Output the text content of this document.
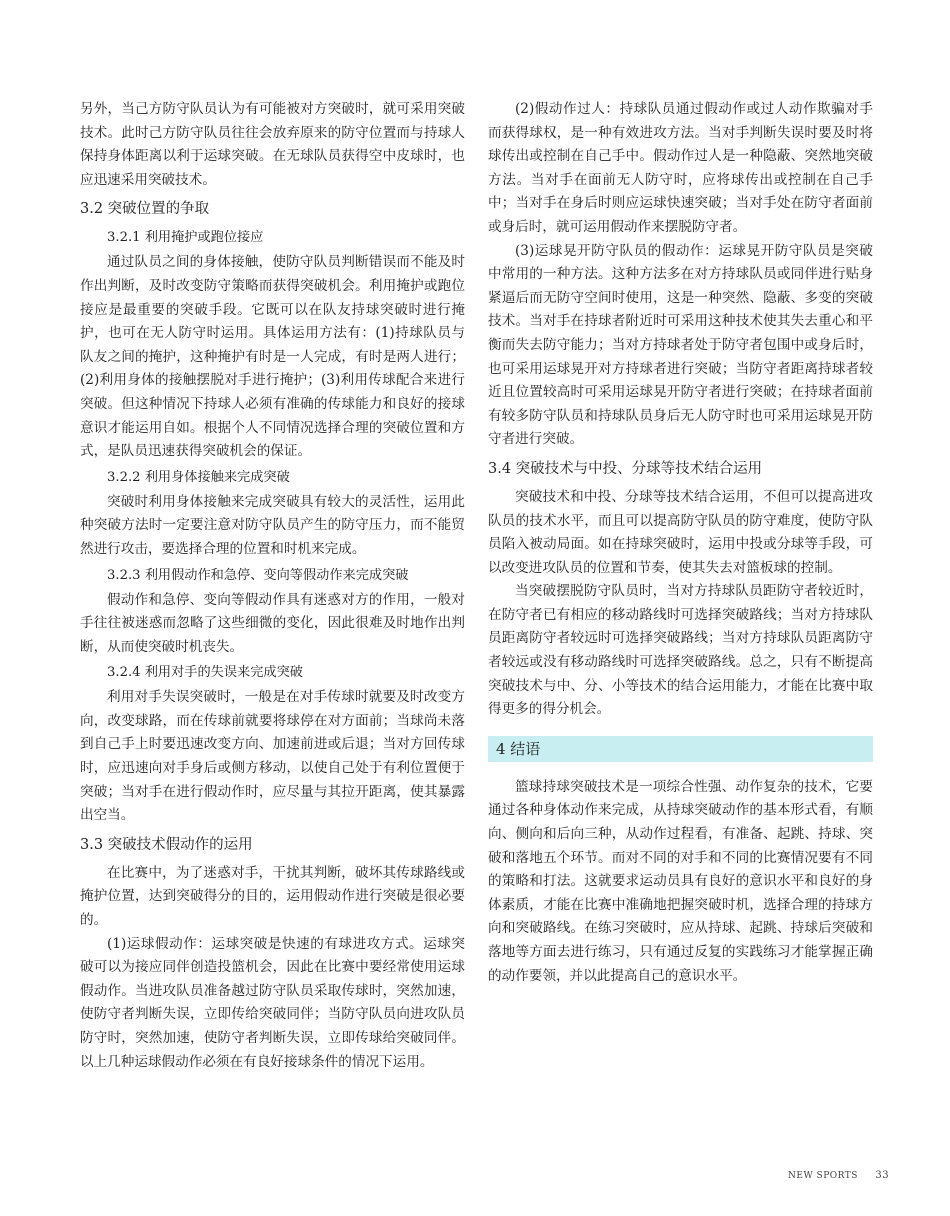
另外，当己方防守队员认为有可能被对方突破时，就可采用突破技术。此时己方防守队员往往会放弃原来的防守位置而与持球人保持身体距离以利于运球突破。在无球队员获得空中皮球时，也应迅速采用突破技术。

3.2 突破位置的争取
3.2.1 利用掩护或跑位接应

通过队员之间的身体接触，使防守队员判断错误而不能及时作出判断，及时改变防守策略而获得突破机会。利用掩护或跑位接应是最重要的突破手段。它既可以在队友持球突破时进行掩护，也可在无人防守时运用。具体运用方法有：(1)持球队员与队友之间的掩护，这种掩护有时是一人完成，有时是两人进行；(2)利用身体的接触摆脱对手进行掩护；(3)利用传球配合来进行突破。但这种情况下持球人必须有准确的传球能力和良好的接球意识才能运用自如。根据个人不同情况选择合理的突破位置和方式，是队员迅速获得突破机会的保证。

3.2.2 利用身体接触来完成突破

突破时利用身体接触来完成突破具有较大的灵活性，运用此种突破方法时一定要注意对防守队员产生的防守压力，而不能贸然进行攻击，要选择合理的位置和时机来完成。

3.2.3 利用假动作和急停、变向等假动作来完成突破

假动作和急停、变向等假动作具有迷惑对方的作用，一般对手往往被迷惑而忽略了这些细微的变化，因此很难及时地作出判断，从而使突破时机丧失。

3.2.4 利用对手的失误来完成突破

利用对手失误突破时，一般是在对手传球时就要及时改变方向，改变球路，而在传球前就要将球停在对方面前；当球尚未落到自己手上时要迅速改变方向、加速前进或后退；当对方回传球时，应迅速向对手身后或侧方移动，以使自己处于有利位置便于突破；当对手在进行假动作时，应尽量与其拉开距离，使其暴露出空当。

3.3 突破技术假动作的运用

在比赛中，为了迷惑对手，干扰其判断，破坏其传球路线或掩护位置，达到突破得分的目的，运用假动作进行突破是很必要的。

(1)运球假动作：运球突破是快速的有球进攻方式。运球突破可以为接应同伴创造投篮机会，因此在比赛中要经常使用运球假动作。当进攻队员准备越过防守队员采取传球时，突然加速，使防守者判断失误，立即传给突破同伴；当防守队员向进攻队员防守时，突然加速，使防守者判断失误，立即传球给突破同伴。以上几种运球假动作必须在有良好接球条件的情况下运用。

(2)假动作过人：持球队员通过假动作或过人动作欺骗对手而获得球权，是一种有效进攻方法。当对手判断失误时要及时将球传出或控制在自己手中。假动作过人是一种隐蔽、突然地突破方法。当对手在面前无人防守时，应将球传出或控制在自己手中；当对手在身后时则应运球快速突破；当对手处在防守者面前或身后时，就可运用假动作来摆脱防守者。

(3)运球晃开防守队员的假动作：运球晃开防守队员是突破中常用的一种方法。这种方法多在对方持球队员或同伴进行贴身紧逼后而无防守空间时使用，这是一种突然、隐蔽、多变的突破技术。当对手在持球者附近时可采用这种技术使其失去重心和平衡而失去防守能力；当对方持球者处于防守者包围中或身后时，也可采用运球晃开对方持球者进行突破；当防守者距离持球者较近且位置较高时可采用运球晃开防守者进行突破；在持球者面前有较多防守队员和持球队员身后无人防守时也可采用运球晃开防守者进行突破。

3.4 突破技术与中投、分球等技术结合运用

突破技术和中投、分球等技术结合运用，不但可以提高进攻队员的技术水平，而且可以提高防守队员的防守难度，使防守队员陷入被动局面。如在持球突破时，运用中投或分球等手段，可以改变进攻队员的位置和节奏，使其失去对篮板球的控制。

当突破摆脱防守队员时，当对方持球队员距防守者较近时，在防守者已有相应的移动路线时可选择突破路线；当对方持球队员距离防守者较远时可选择突破路线；当对方持球队员距离防守者较远或没有移动路线时可选择突破路线。总之，只有不断提高突破技术与中、分、小等技术的结合运用能力，才能在比赛中取得更多的得分机会。

4 结语

篮球持球突破技术是一项综合性强、动作复杂的技术，它要通过各种身体动作来完成，从持球突破动作的基本形式看，有顺向、侧向和后向三种，从动作过程看，有准备、起跳、持球、突破和落地五个环节。而对不同的对手和不同的比赛情况要有不同的策略和打法。这就要求运动员具有良好的意识水平和良好的身体素质，才能在比赛中准确地把握突破时机，选择合理的持球方向和突破路线。在练习突破时，应从持球、起跳、持球后突破和落地等方面去进行练习，只有通过反复的实践练习才能掌握正确的动作要领，并以此提高自己的意识水平。

NEW SPORTS 33
